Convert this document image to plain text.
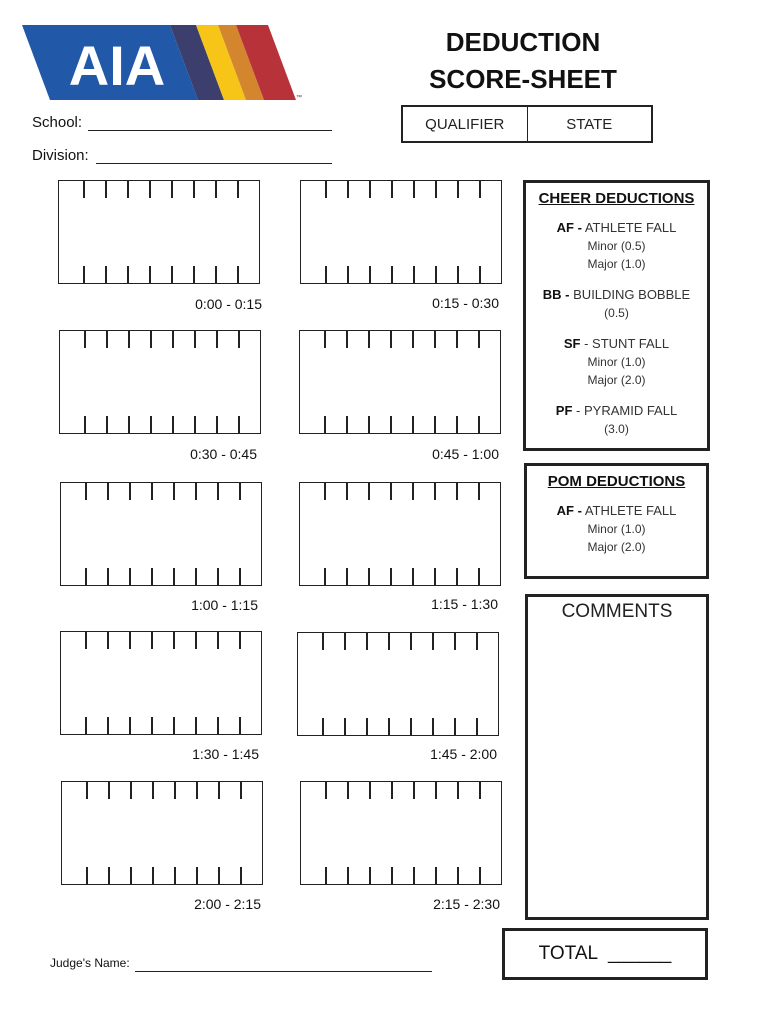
AIA
™
DEDUCTION
SCORE-SHEET
School:
Division:
QUALIFIER	STATE
0:00 - 0:15	0:15 - 0:30
0:30 - 0:45	0:45 - 1:00
1:00 - 1:15	1:15 - 1:30
1:30 - 1:45	1:45 - 2:00
2:00 - 2:15	2:15 - 2:30
CHEER DEDUCTIONS
AF - ATHLETE FALL
Minor (0.5)
Major (1.0)
BB - BUILDING BOBBLE
(0.5)
SF - STUNT FALL
Minor (1.0)
Major (2.0)
PF - PYRAMID FALL
(3.0)
POM DEDUCTIONS
AF - ATHLETE FALL
Minor (1.0)
Major (2.0)
COMMENTS
TOTAL  ______
Judge's Name:
